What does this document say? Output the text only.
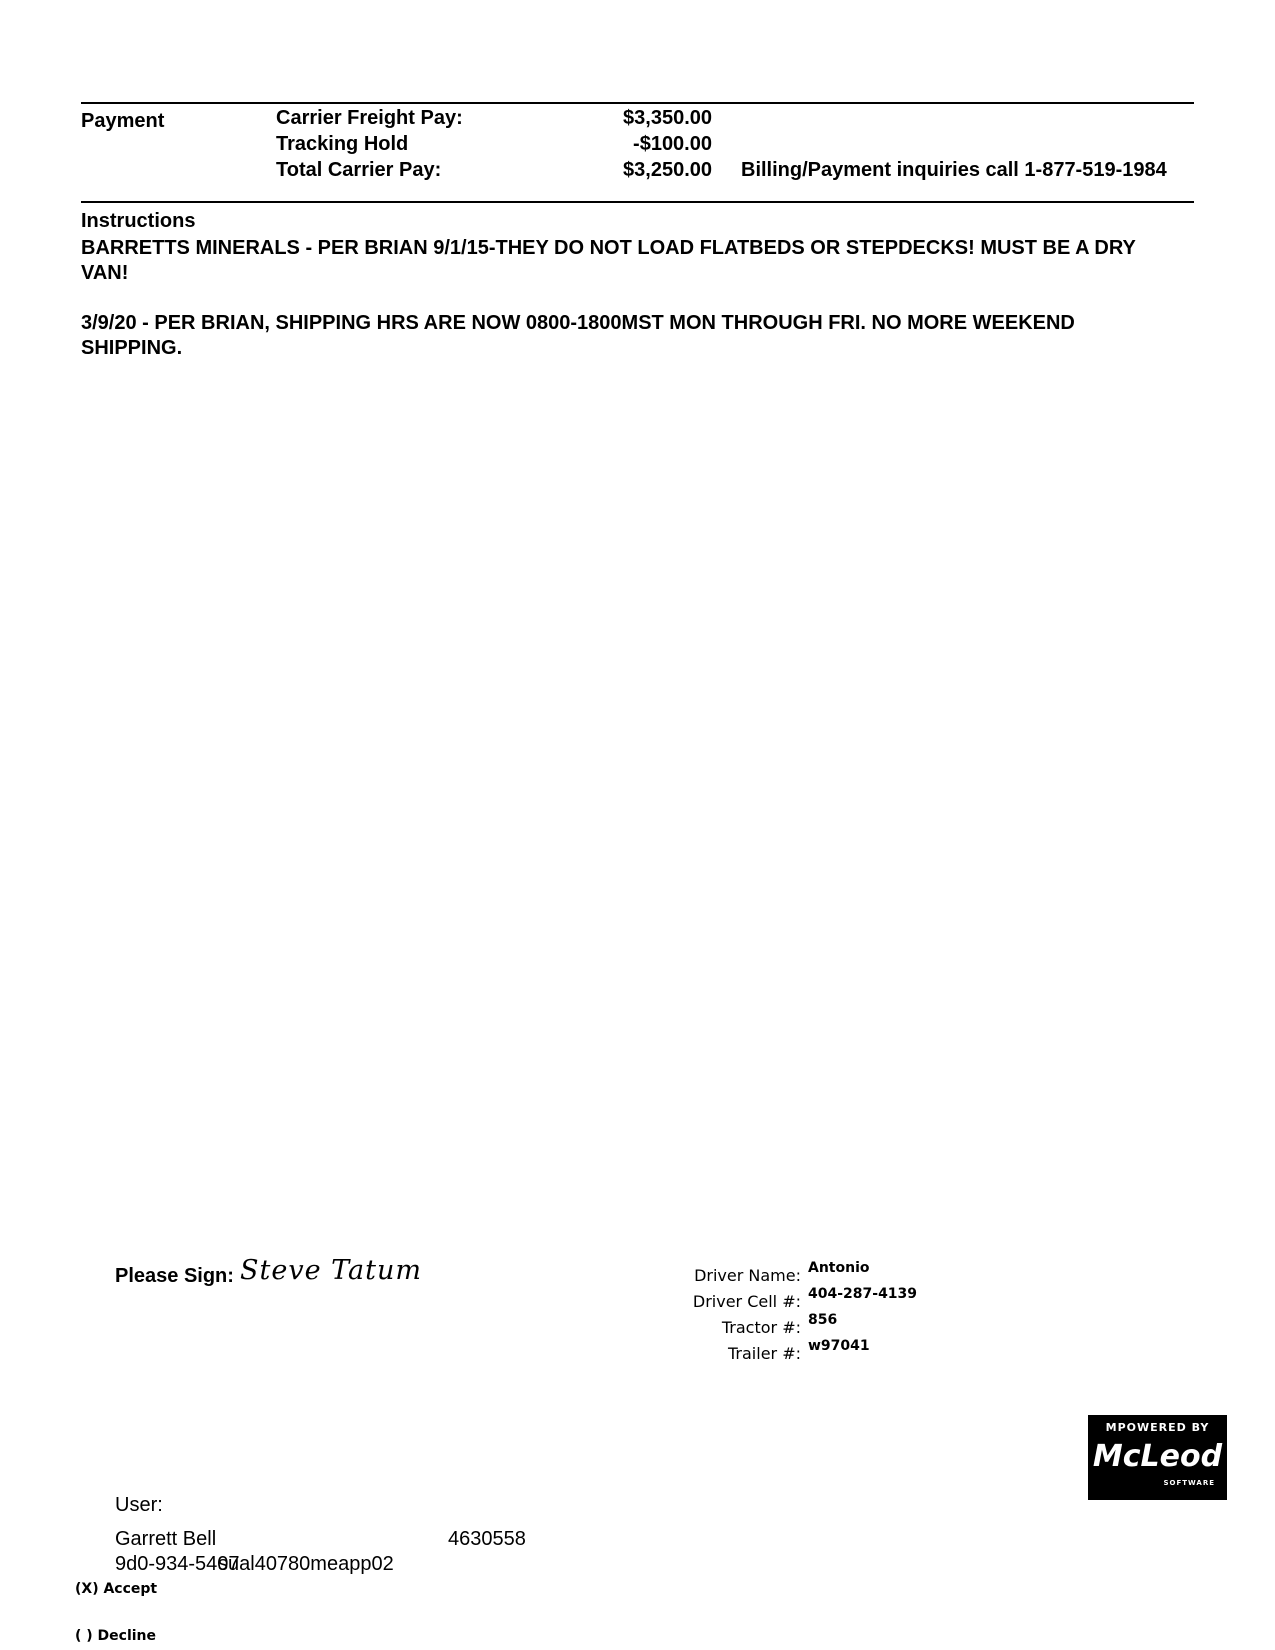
Payment	Carrier Freight Pay:	$3,350.00
Tracking Hold	-$100.00
Total Carrier Pay:	$3,250.00 Billing/Payment inquiries call 1-877-519-1984
Instructions
BARRETTS MINERALS - PER BRIAN 9/1/15-THEY DO NOT LOAD FLATBEDS OR STEPDECKS! MUST BE A DRY VAN!
3/9/20 - PER BRIAN, SHIPPING HRS ARE NOW 0800-1800MST MON THROUGH FRI. NO MORE WEEKEND SHIPPING.
Please Sign: Steve Tatum	Driver Name: Antonio
Driver Cell #: 404-287-4139
Tractor #: 856
Trailer #: w97041
MPOWERED BY
McLeod
SOFTWARE
User:
Garrett Bell	4630558
9d0-934-5407
sual40780meapp02
(X) Accept
( ) Decline
